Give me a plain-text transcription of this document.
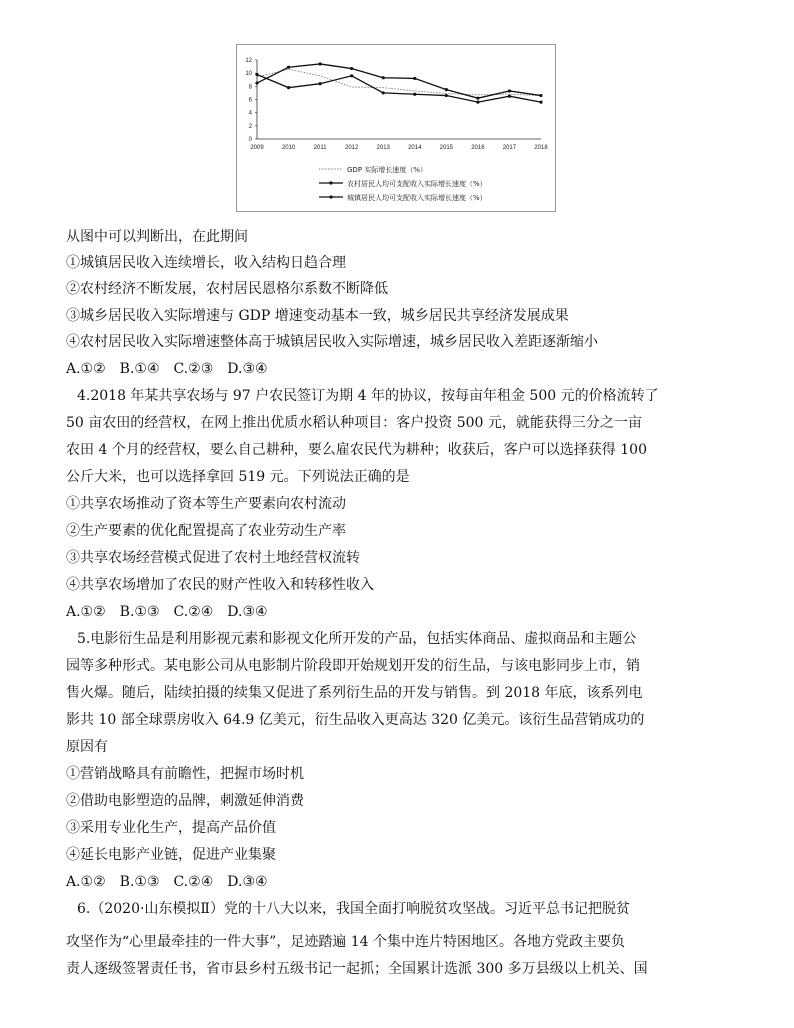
0
2
4
6
8
10
12
2009	2010	2011	2012	2013	2014	2015	2016	2017	2018
GDP 实际增长速度（%）
农村居民人均可支配收入实际增长速度（%）
城镇居民人均可支配收入实际增长速度（%）
从图中可以判断出，在此期间
①城镇居民收入连续增长，收入结构日趋合理
②农村经济不断发展，农村居民恩格尔系数不断降低
③城乡居民收入实际增速与 GDP 增速变动基本一致，城乡居民共享经济发展成果
④农村居民收入实际增速整体高于城镇居民收入实际增速，城乡居民收入差距逐渐缩小
A.①②　B.①④　C.②③　D.③④
4.2018 年某共享农场与 97 户农民签订为期 4 年的协议，按每亩年租金 500 元的价格流转了
50 亩农田的经营权，在网上推出优质水稻认种项目：客户投资 500 元，就能获得三分之一亩
农田 4 个月的经营权，要么自己耕种，要么雇农民代为耕种；收获后，客户可以选择获得 100
公斤大米，也可以选择拿回 519 元。下列说法正确的是
①共享农场推动了资本等生产要素向农村流动
②生产要素的优化配置提高了农业劳动生产率
③共享农场经营模式促进了农村土地经营权流转
④共享农场增加了农民的财产性收入和转移性收入
A.①②　B.①③　C.②④　D.③④
5.电影衍生品是利用影视元素和影视文化所开发的产品，包括实体商品、虚拟商品和主题公
园等多种形式。某电影公司从电影制片阶段即开始规划开发的衍生品，与该电影同步上市，销
售火爆。随后，陆续拍摄的续集又促进了系列衍生品的开发与销售。到 2018 年底，该系列电
影共 10 部全球票房收入 64.9 亿美元，衍生品收入更高达 320 亿美元。该衍生品营销成功的
原因有
①营销战略具有前瞻性，把握市场时机
②借助电影塑造的品牌，刺激延伸消费
③采用专业化生产，提高产品价值
④延长电影产业链，促进产业集聚
A.①②　B.①③　C.②④　D.③④
6.（2020·山东模拟Ⅱ）党的十八大以来，我国全面打响脱贫攻坚战。习近平总书记把脱贫
攻坚作为“心里最牵挂的一件大事”，足迹踏遍 14 个集中连片特困地区。各地方党政主要负
责人逐级签署责任书，省市县乡村五级书记一起抓；全国累计选派 300 多万县级以上机关、国
